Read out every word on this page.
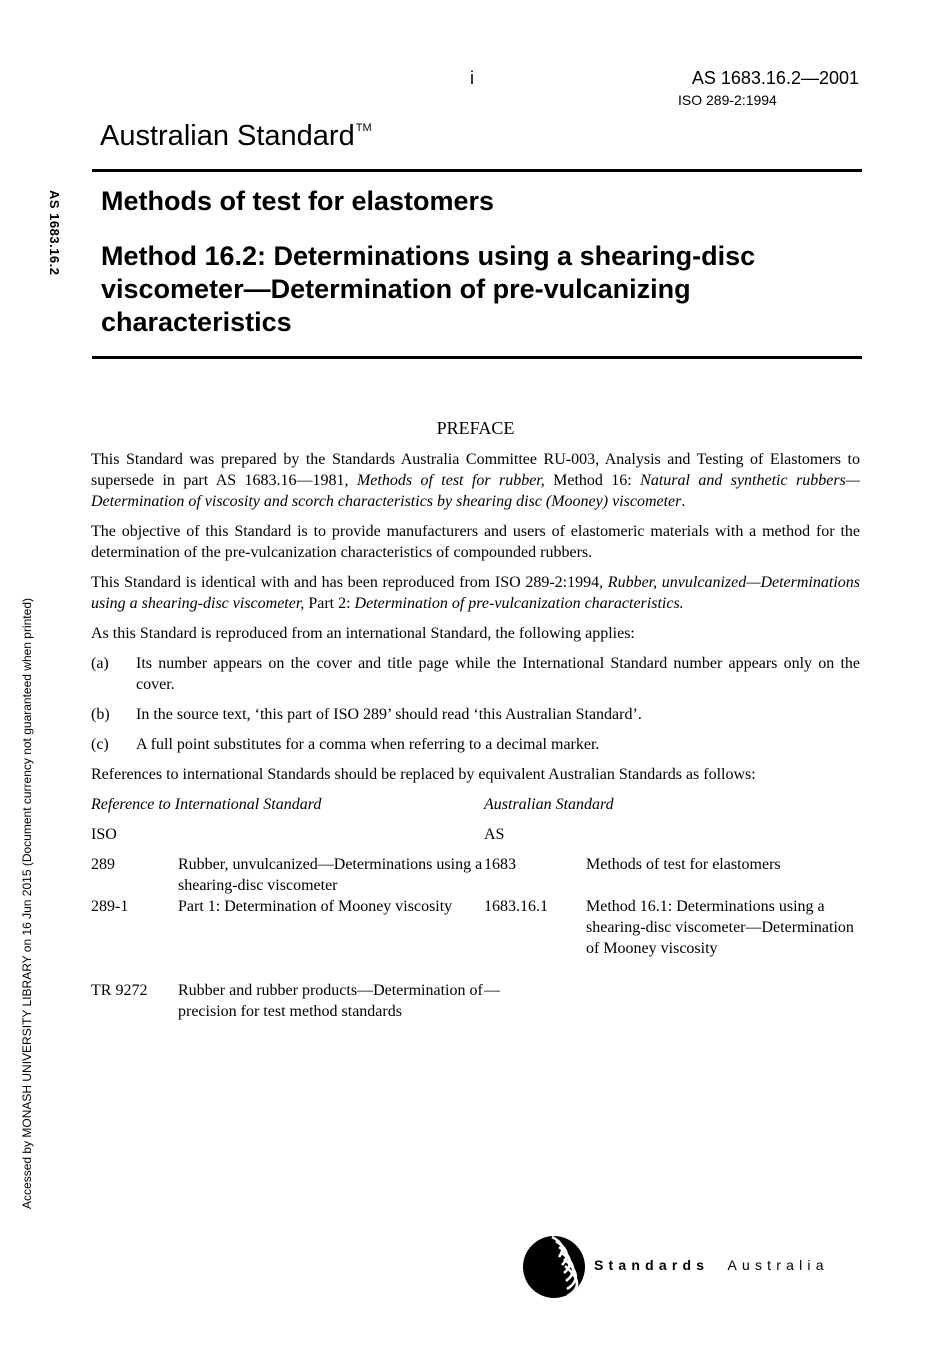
i	AS 1683.16.2—2001
ISO 289-2:1994
Australian Standard™
Methods of test for elastomers
Method 16.2: Determinations using a shearing-disc viscometer—Determination of pre-vulcanizing characteristics
AS 1683.16.2
Accessed by MONASH UNIVERSITY LIBRARY on 16 Jun 2015 (Document currency not guaranteed when printed)
PREFACE

This Standard was prepared by the Standards Australia Committee RU-003, Analysis and Testing of Elastomers to supersede in part AS 1683.16—1981, Methods of test for rubber, Method 16: Natural and synthetic rubbers—Determination of viscosity and scorch characteristics by shearing disc (Mooney) viscometer.

The objective of this Standard is to provide manufacturers and users of elastomeric materials with a method for the determination of the pre-vulcanization characteristics of compounded rubbers.

This Standard is identical with and has been reproduced from ISO 289-2:1994, Rubber, unvulcanized—Determinations using a shearing-disc viscometer, Part 2: Determination of pre-vulcanization characteristics.

As this Standard is reproduced from an international Standard, the following applies:

(a)	Its number appears on the cover and title page while the International Standard number appears only on the cover.
(b)	In the source text, ‘this part of ISO 289’ should read ‘this Australian Standard’.
(c)	A full point substitutes for a comma when referring to a decimal marker.

References to international Standards should be replaced by equivalent Australian Standards as follows:

Reference to International Standard		Australian Standard	
ISO		AS	
289	Rubber, unvulcanized—Determinations using a shearing-disc viscometer	1683	Methods of test for elastomers
289-1	Part 1: Determination of Mooney viscosity	1683.16.1	Method 16.1: Determinations using a shearing-disc viscometer—Determination of Mooney viscosity
TR 9272	Rubber and rubber products—Determination of precision for test method standards	—	
Standards Australia
